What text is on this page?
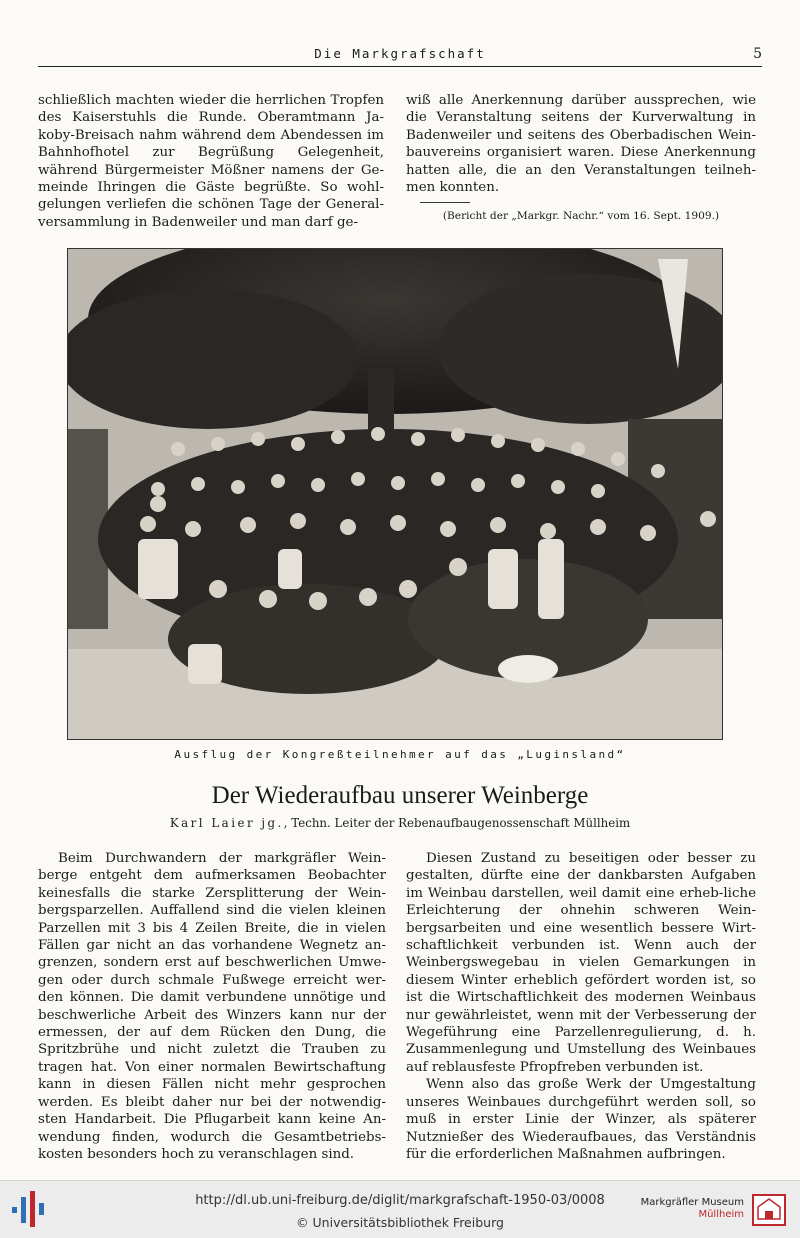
Die Markgrafschaft	5

schließlich machten wieder die herrlichen Tropfen des Kaiserstuhls die Runde. Oberamtmann Ja-koby-Breisach nahm während dem Abendessen im Bahnhofhotel zur Begrüßung Gelegenheit, während Bürgermeister Mößner namens der Ge-meinde Ihringen die Gäste begrüßte. So wohl-gelungen verliefen die schönen Tage der General-versammlung in Badenweiler und man darf ge-

wiß alle Anerkennung darüber aussprechen, wie die Veranstaltung seitens der Kurverwaltung in Badenweiler und seitens des Oberbadischen Wein-bauvereins organisiert waren. Diese Anerkennung hatten alle, die an den Veranstaltungen teilneh-men konnten.

(Bericht der „Markgr. Nachr.“ vom 16. Sept. 1909.)
Ausflug der Kongreßteilnehmer auf das „Luginsland“
Der Wiederaufbau unserer Weinberge
Karl Laier jg., Techn. Leiter der Rebenaufbaugenossenschaft Müllheim

Beim Durchwandern der markgräfler Wein-berge entgeht dem aufmerksamen Beobachter keinesfalls die starke Zersplitterung der Wein-bergsparzellen. Auffallend sind die vielen kleinen Parzellen mit 3 bis 4 Zeilen Breite, die in vielen Fällen gar nicht an das vorhandene Wegnetz an-grenzen, sondern erst auf beschwerlichen Umwe-gen oder durch schmale Fußwege erreicht wer-den können. Die damit verbundene unnötige und beschwerliche Arbeit des Winzers kann nur der ermessen, der auf dem Rücken den Dung, die Spritzbrühe und nicht zuletzt die Trauben zu tragen hat. Von einer normalen Bewirtschaftung kann in diesen Fällen nicht mehr gesprochen werden. Es bleibt daher nur bei der notwendig-sten Handarbeit. Die Pflugarbeit kann keine An-wendung finden, wodurch die Gesamtbetriebs-kosten besonders hoch zu veranschlagen sind.

Diesen Zustand zu beseitigen oder besser zu gestalten, dürfte eine der dankbarsten Aufgaben im Weinbau darstellen, weil damit eine erheb-liche Erleichterung der ohnehin schweren Wein-bergsarbeiten und eine wesentlich bessere Wirt-schaftlichkeit verbunden ist. Wenn auch der Weinbergswegebau in vielen Gemarkungen in diesem Winter erheblich gefördert worden ist, so ist die Wirtschaftlichkeit des modernen Weinbaus nur gewährleistet, wenn mit der Verbesserung der Wegeführung eine Parzellenregulierung, d. h. Zusammenlegung und Umstellung des Weinbaues auf reblausfeste Pfropfreben verbunden ist.

Wenn also das große Werk der Umgestaltung unseres Weinbaues durchgeführt werden soll, so muß in erster Linie der Winzer, als späterer Nutznießer des Wiederaufbaues, das Verständnis für die erforderlichen Maßnahmen aufbringen.

http://dl.ub.uni-freiburg.de/diglit/markgrafschaft-1950-03/0008
© Universitätsbibliothek Freiburg
Markgräfler Museum
Müllheim
